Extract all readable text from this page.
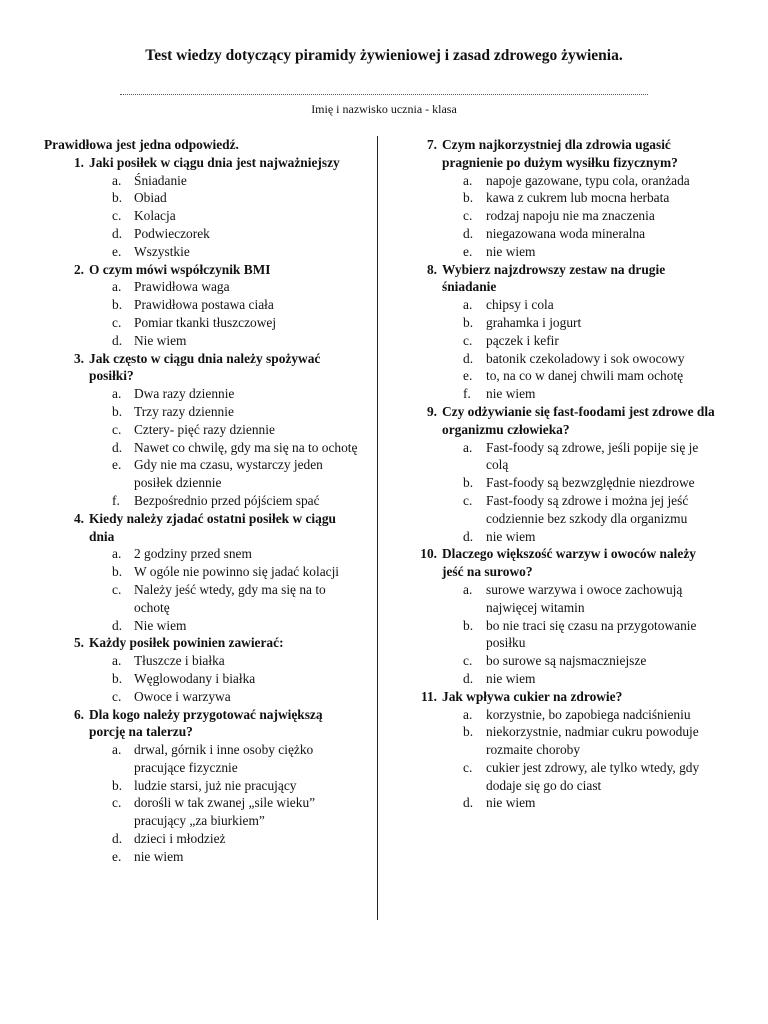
Test wiedzy dotyczący piramidy żywieniowej i zasad zdrowego żywienia.
Imię i nazwisko ucznia - klasa
Prawidłowa jest jedna odpowiedź.
1. Jaki posiłek w ciągu dnia jest najważniejszy
a. Śniadanie
b. Obiad
c. Kolacja
d. Podwieczorek
e. Wszystkie
2. O czym mówi współczynik BMI
a. Prawidłowa waga
b. Prawidłowa postawa ciała
c. Pomiar tkanki tłuszczowej
d. Nie wiem
3. Jak często w ciągu dnia należy spożywać posiłki?
a. Dwa razy dziennie
b. Trzy razy dziennie
c. Cztery- pięć razy dziennie
d. Nawet co chwilę, gdy ma się na to ochotę
e. Gdy nie ma czasu, wystarczy jeden posiłek dziennie
f. Bezpośrednio przed pójściem spać
4. Kiedy należy zjadać ostatni posiłek w ciągu dnia
a. 2 godziny przed snem
b. W ogóle nie powinno się jadać kolacji
c. Należy jeść wtedy, gdy ma się na to ochotę
d. Nie wiem
5. Każdy posiłek powinien zawierać:
a. Tłuszcze i białka
b. Węglowodany i białka
c. Owoce i warzywa
6. Dla kogo należy przygotować największą porcję na talerzu?
a. drwal, górnik i inne osoby ciężko pracujące fizycznie
b. ludzie starsi, już nie pracujący
c. dorośli w tak zwanej „sile wieku” pracujący „za biurkiem”
d. dzieci i młodzież
e. nie wiem
7. Czym najkorzystniej dla zdrowia ugasić pragnienie po dużym wysiłku fizycznym?
a. napoje gazowane, typu cola, oranżada
b. kawa z cukrem lub mocna herbata
c. rodzaj napoju nie ma znaczenia
d. niegazowana woda mineralna
e. nie wiem
8. Wybierz najzdrowszy zestaw na drugie śniadanie
a. chipsy i cola
b. grahamka i jogurt
c. pączek i kefir
d. batonik czekoladowy i sok owocowy
e. to, na co w danej chwili mam ochotę
f. nie wiem
9. Czy odżywianie się fast-foodami jest zdrowe dla organizmu człowieka?
a. Fast-foody są zdrowe, jeśli popije się je colą
b. Fast-foody są bezwzględnie niezdrowe
c. Fast-foody są zdrowe i można jej jeść codziennie bez szkody dla organizmu
d. nie wiem
10. Dlaczego większość warzyw i owoców należy jeść na surowo?
a. surowe warzywa i owoce zachowują najwięcej witamin
b. bo nie traci się czasu na przygotowanie posiłku
c. bo surowe są najsmaczniejsze
d. nie wiem
11. Jak wpływa cukier na zdrowie?
a. korzystnie, bo zapobiega nadciśnieniu
b. niekorzystnie, nadmiar cukru powoduje rozmaite choroby
c. cukier jest zdrowy, ale tylko wtedy, gdy dodaje się go do ciast
d. nie wiem
